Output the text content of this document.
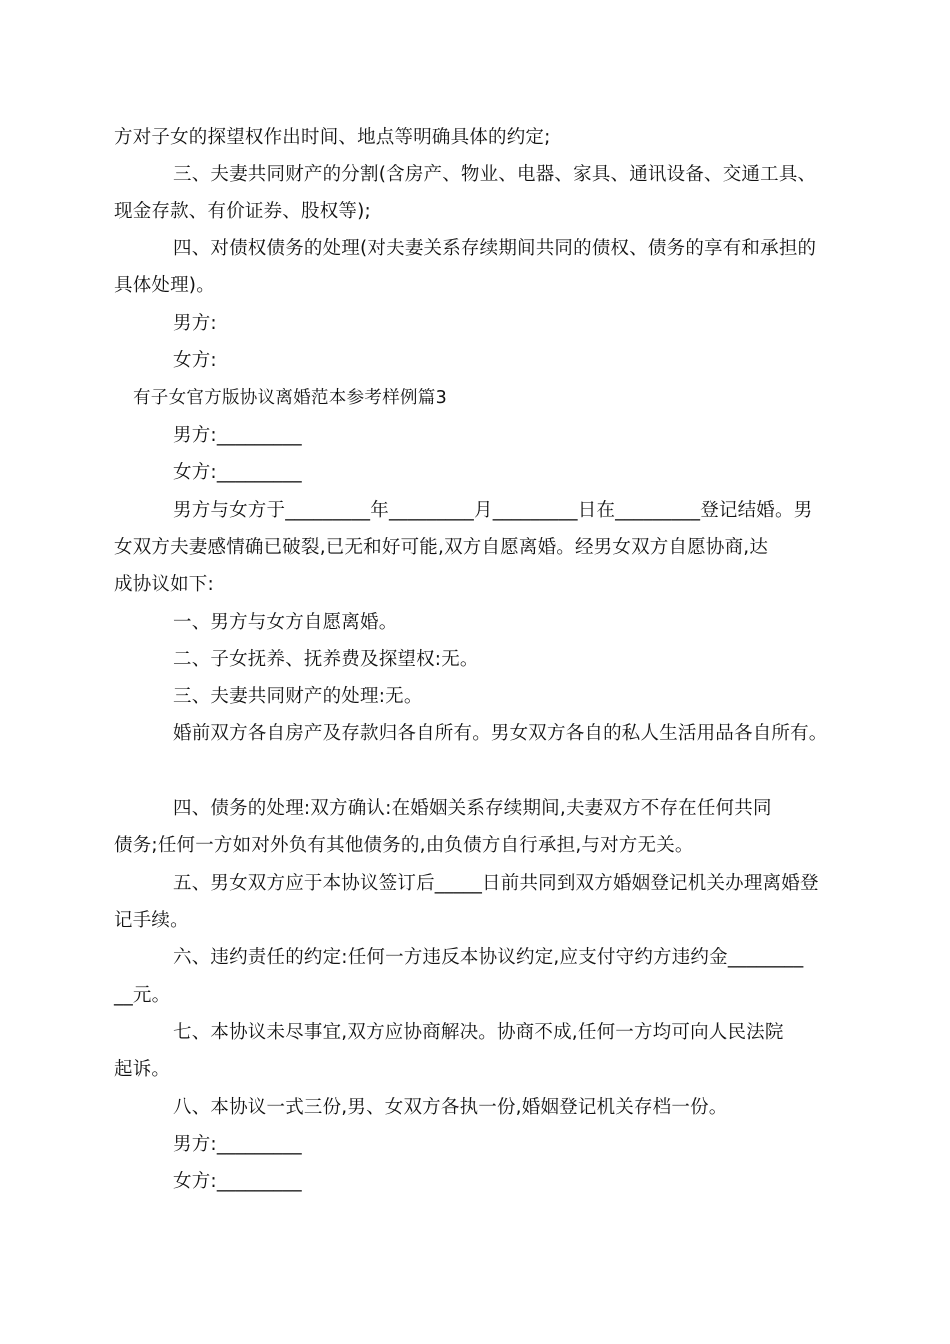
方对子女的探望权作出时间、地点等明确具体的约定;
三、夫妻共同财产的分割(含房产、物业、电器、家具、通讯设备、交通工具、
现金存款、有价证券、股权等);
四、对债权债务的处理(对夫妻关系存续期间共同的债权、债务的享有和承担的
具体处理)。
男方:
女方:
有子女官方版协议离婚范本参考样例篇3
男方:_________
女方:_________
男方与女方于_________年_________月_________日在_________登记结婚。男
女双方夫妻感情确已破裂,已无和好可能,双方自愿离婚。经男女双方自愿协商,达
成协议如下:
一、男方与女方自愿离婚。
二、子女抚养、抚养费及探望权:无。
三、夫妻共同财产的处理:无。
婚前双方各自房产及存款归各自所有。男女双方各自的私人生活用品各自所有。
四、债务的处理:双方确认:在婚姻关系存续期间,夫妻双方不存在任何共同
债务;任何一方如对外负有其他债务的,由负债方自行承担,与对方无关。
五、男女双方应于本协议签订后_____日前共同到双方婚姻登记机关办理离婚登
记手续。
六、违约责任的约定:任何一方违反本协议约定,应支付守约方违约金________
__元。
七、本协议未尽事宜,双方应协商解决。协商不成,任何一方均可向人民法院
起诉。
八、本协议一式三份,男、女双方各执一份,婚姻登记机关存档一份。
男方:_________
女方:_________
